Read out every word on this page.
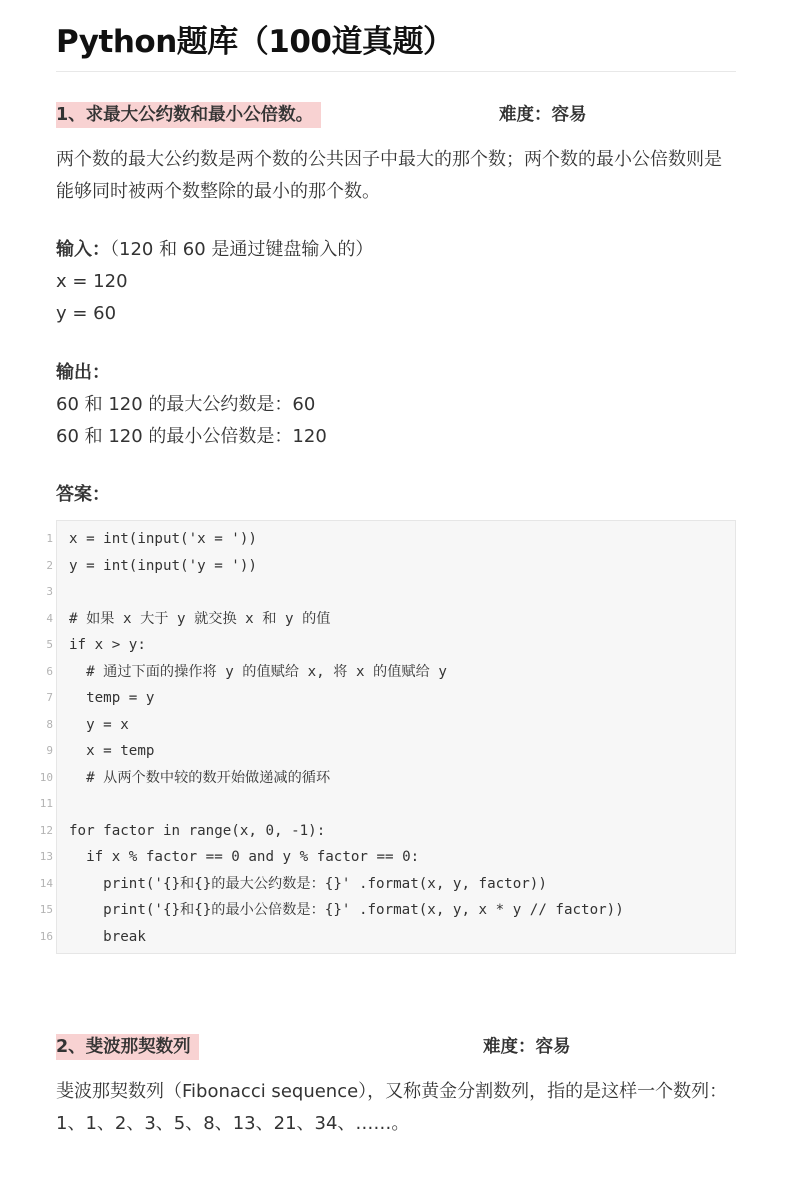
Python题库（100道真题）
1、求最大公约数和最小公倍数。	难度：容易

两个数的最大公约数是两个数的公共因子中最大的那个数；两个数的最小公倍数则是能够同时被两个数整除的最小的那个数。

输入：（120 和 60 是通过键盘输入的）
x = 120
y = 60
输出：
60 和 120 的最大公约数是：60
60 和 120 的最小公倍数是：120
答案：
1 x = int(input('x = '))
2 y = int(input('y = '))
3
4 # 如果 x 大于 y 就交换 x 和 y 的值
5 if x > y:
6 # 通过下面的操作将 y 的值赋给 x, 将 x 的值赋给 y
7 temp = y
8 y = x
9 x = temp
10 # 从两个数中较的数开始做递减的循环
11
12 for factor in range(x, 0, -1):
13 if x % factor == 0 and y % factor == 0:
14 print('{}和{}的最大公约数是：{}' .format(x, y, factor))
15 print('{}和{}的最小公倍数是：{}' .format(x, y, x * y // factor))
16 break
2、斐波那契数列	难度：容易

斐波那契数列（Fibonacci sequence），又称黄金分割数列，指的是这样一个数列：1、1、2、3、5、8、13、21、34、……。
